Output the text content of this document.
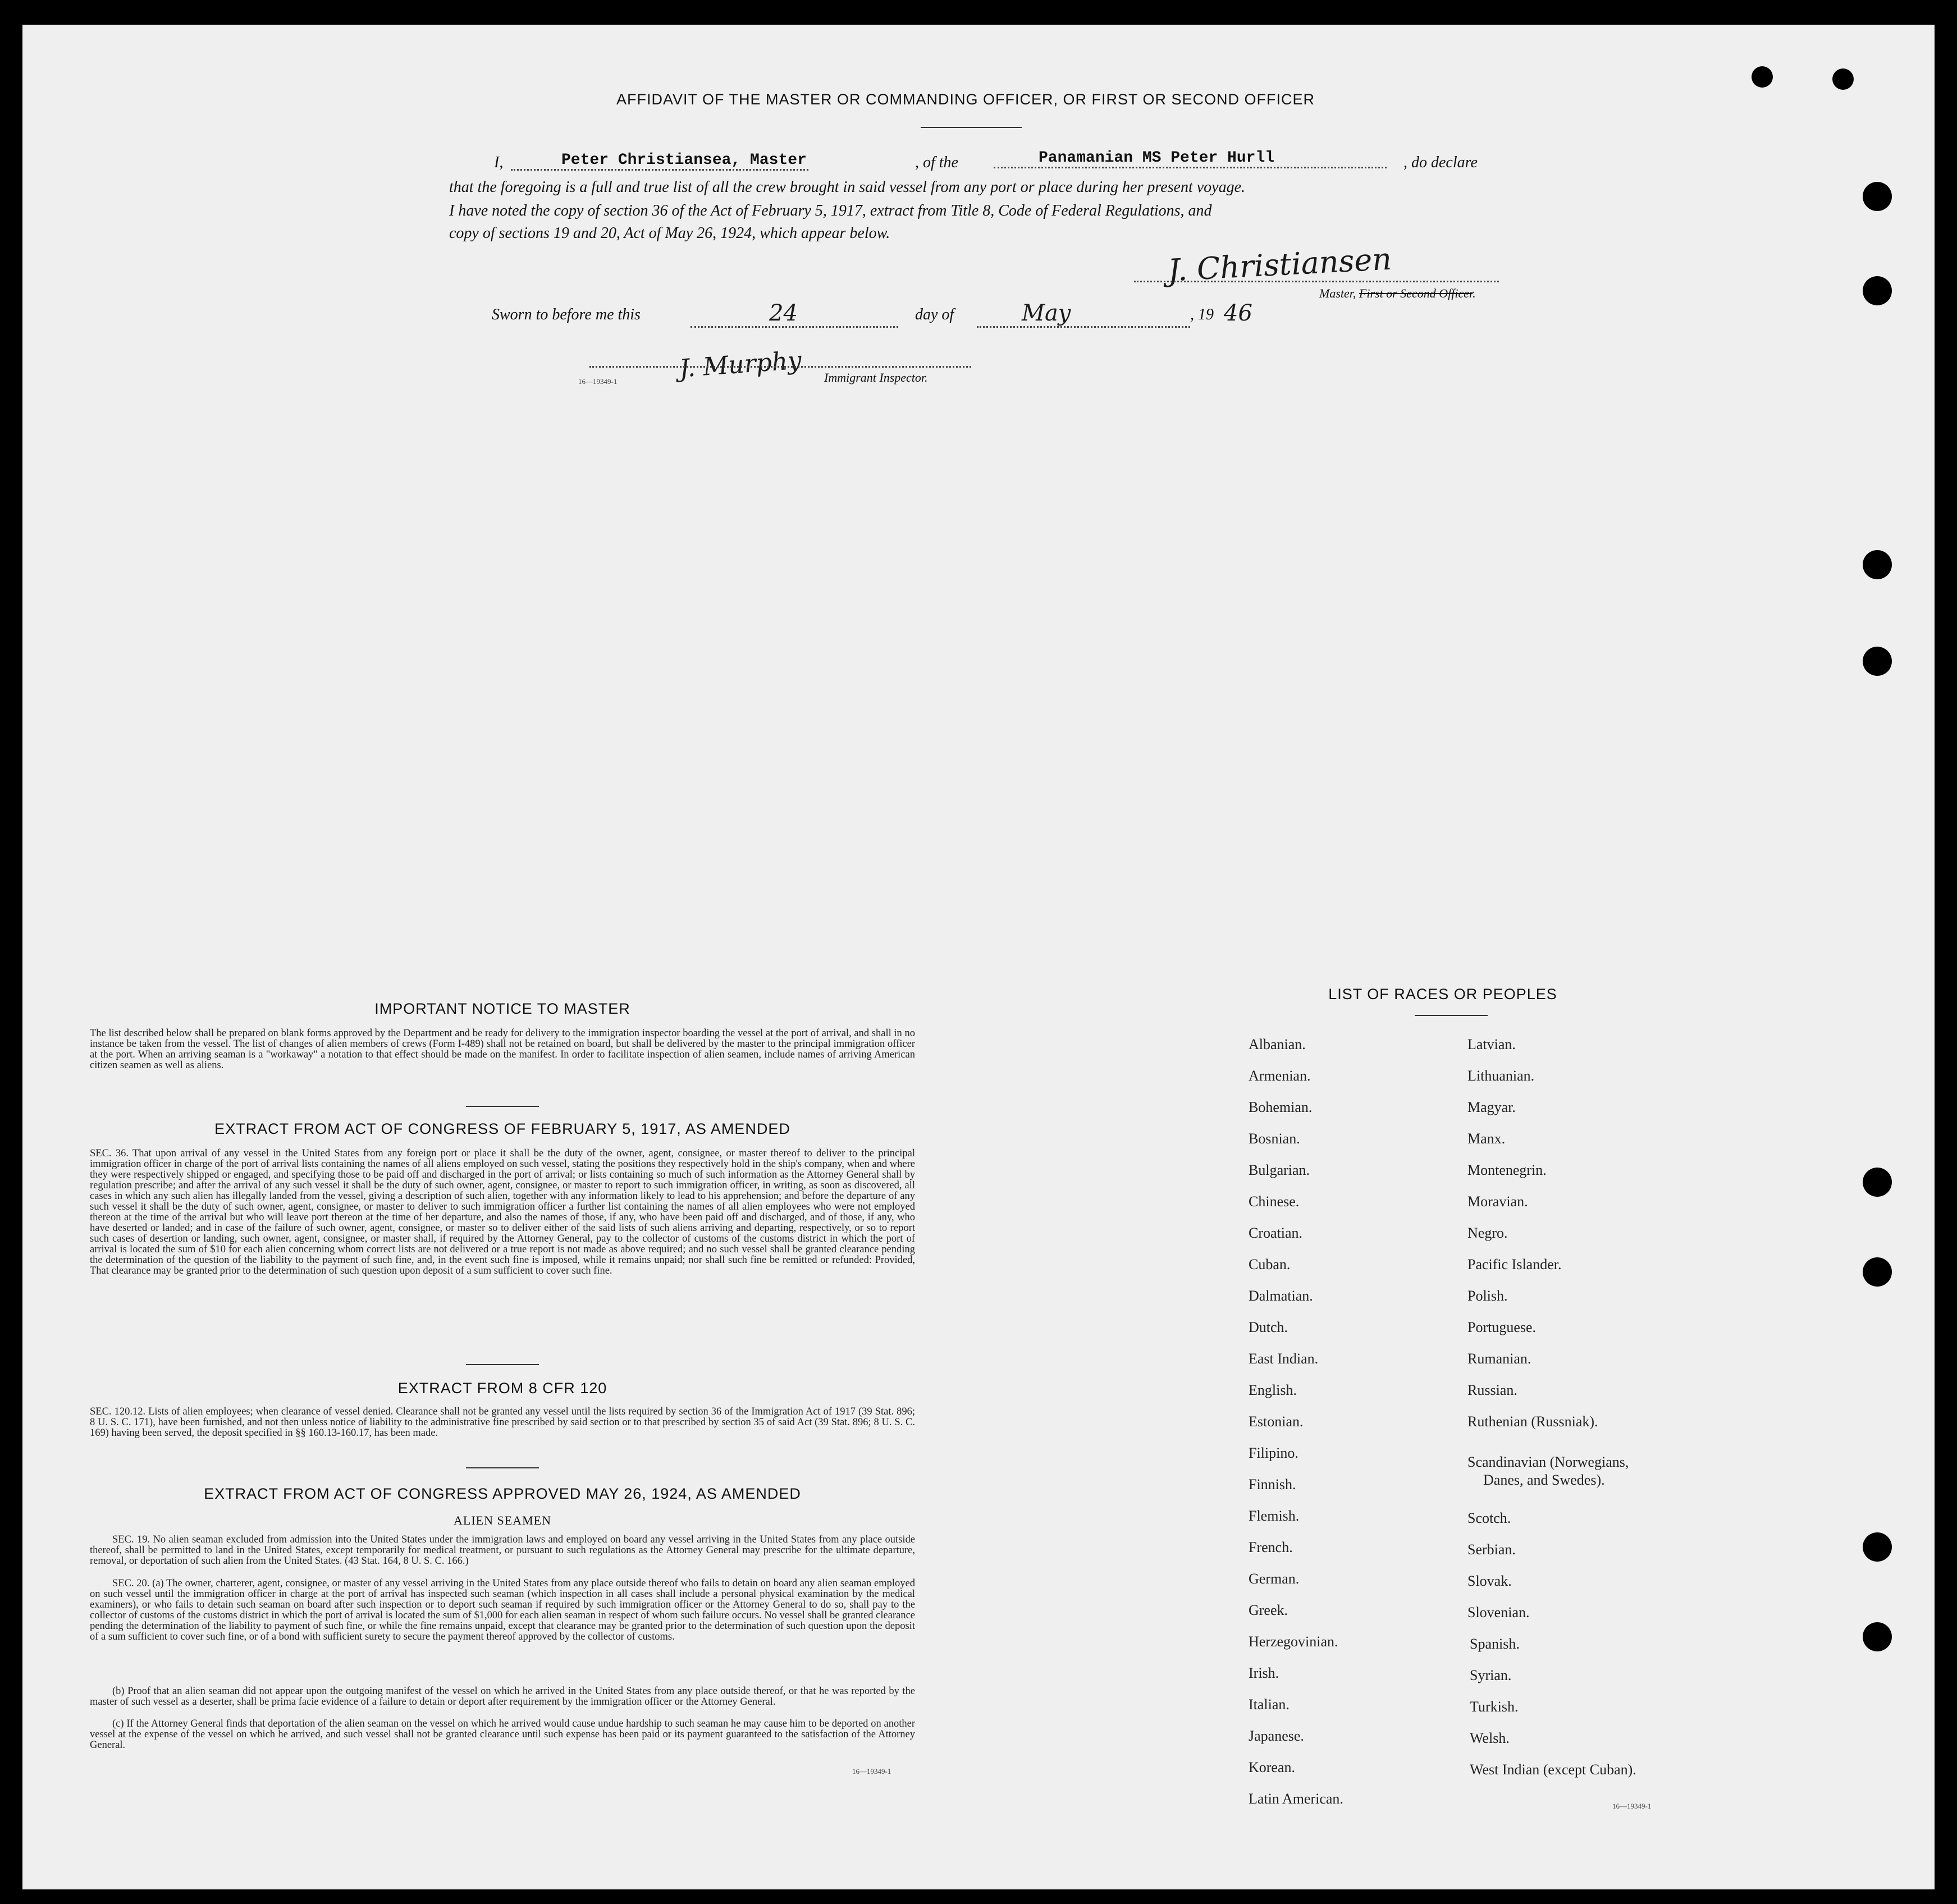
AFFIDAVIT OF THE MASTER OR COMMANDING OFFICER, OR FIRST OR SECOND OFFICER
I,	Peter Christiansea, Master	, of the	Panamanian MS Peter Hurll	, do declare
that the foregoing is a full and true list of all the crew brought in said vessel from any port or place during her present voyage.
I have noted the copy of section 36 of the Act of February 5, 1917, extract from Title 8, Code of Federal Regulations, and
copy of sections 19 and 20, Act of May 26, 1924, which appear below.
J. Christiansen
Master, First or Second Officer.
Sworn to before me this	24	day of	May	, 19 46
16—19349-1 J. Murphy Immigrant Inspector.
IMPORTANT NOTICE TO MASTER
The list described below shall be prepared on blank forms approved by the Department and be ready for delivery to the immigration inspector boarding the vessel at the port of arrival, and shall in no instance be taken from the vessel. The list of changes of alien members of crews (Form I-489) shall not be retained on board, but shall be delivered by the master to the principal immigration officer at the port. When an arriving seaman is a "workaway" a notation to that effect should be made on the manifest. In order to facilitate inspection of alien seamen, include names of arriving American citizen seamen as well as aliens.
EXTRACT FROM ACT OF CONGRESS OF FEBRUARY 5, 1917, AS AMENDED
SEC. 36. That upon arrival of any vessel in the United States from any foreign port or place it shall be the duty of the owner, agent, consignee, or master thereof to deliver to the principal immigration officer in charge of the port of arrival lists containing the names of all aliens employed on such vessel, stating the positions they respectively hold in the ship's company, when and where they were respectively shipped or engaged, and specifying those to be paid off and discharged in the port of arrival; or lists containing so much of such information as the Attorney General shall by regulation prescribe; and after the arrival of any such vessel it shall be the duty of such owner, agent, consignee, or master to report to such immigration officer, in writing, as soon as discovered, all cases in which any such alien has illegally landed from the vessel, giving a description of such alien, together with any information likely to lead to his apprehension; and before the departure of any such vessel it shall be the duty of such owner, agent, consignee, or master to deliver to such immigration officer a further list containing the names of all alien employees who were not employed thereon at the time of the arrival but who will leave port thereon at the time of her departure, and also the names of those, if any, who have been paid off and discharged, and of those, if any, who have deserted or landed; and in case of the failure of such owner, agent, consignee, or master so to deliver either of the said lists of such aliens arriving and departing, respectively, or so to report such cases of desertion or landing, such owner, agent, consignee, or master shall, if required by the Attorney General, pay to the collector of customs of the customs district in which the port of arrival is located the sum of $10 for each alien concerning whom correct lists are not delivered or a true report is not made as above required; and no such vessel shall be granted clearance pending the determination of the question of the liability to the payment of such fine, and, in the event such fine is imposed, while it remains unpaid; nor shall such fine be remitted or refunded: Provided, That clearance may be granted prior to the determination of such question upon deposit of a sum sufficient to cover such fine.
EXTRACT FROM 8 CFR 120
SEC. 120.12. Lists of alien employees; when clearance of vessel denied. Clearance shall not be granted any vessel until the lists required by section 36 of the Immigration Act of 1917 (39 Stat. 896; 8 U. S. C. 171), have been furnished, and not then unless notice of liability to the administrative fine prescribed by said section or to that prescribed by section 35 of said Act (39 Stat. 896; 8 U. S. C. 169) having been served, the deposit specified in §§ 160.13-160.17, has been made.
EXTRACT FROM ACT OF CONGRESS APPROVED MAY 26, 1924, AS AMENDED
ALIEN SEAMEN
SEC. 19. No alien seaman excluded from admission into the United States under the immigration laws and employed on board any vessel arriving in the United States from any place outside thereof, shall be permitted to land in the United States, except temporarily for medical treatment, or pursuant to such regulations as the Attorney General may prescribe for the ultimate departure, removal, or deportation of such alien from the United States. (43 Stat. 164, 8 U. S. C. 166.)
SEC. 20. (a) The owner, charterer, agent, consignee, or master of any vessel arriving in the United States from any place outside thereof who fails to detain on board any alien seaman employed on such vessel until the immigration officer in charge at the port of arrival has inspected such seaman (which inspection in all cases shall include a personal physical examination by the medical examiners), or who fails to detain such seaman on board after such inspection or to deport such seaman if required by such immigration officer or the Attorney General to do so, shall pay to the collector of customs of the customs district in which the port of arrival is located the sum of $1,000 for each alien seaman in respect of whom such failure occurs. No vessel shall be granted clearance pending the determination of the liability to payment of such fine, or while the fine remains unpaid, except that clearance may be granted prior to the determination of such question upon the deposit of a sum sufficient to cover such fine, or of a bond with sufficient surety to secure the payment thereof approved by the collector of customs.
(b) Proof that an alien seaman did not appear upon the outgoing manifest of the vessel on which he arrived in the United States from any place outside thereof, or that he was reported by the master of such vessel as a deserter, shall be prima facie evidence of a failure to detain or deport after requirement by the immigration officer or the Attorney General.
(c) If the Attorney General finds that deportation of the alien seaman on the vessel on which he arrived would cause undue hardship to such seaman he may cause him to be deported on another vessel at the expense of the vessel on which he arrived, and such vessel shall not be granted clearance until such expense has been paid or its payment guaranteed to the satisfaction of the Attorney General.
16—19349-1
LIST OF RACES OR PEOPLES
Albanian.
Armenian.
Bohemian.
Bosnian.
Bulgarian.
Chinese.
Croatian.
Cuban.
Dalmatian.
Dutch.
East Indian.
English.
Estonian.
Filipino.
Finnish.
Flemish.
French.
German.
Greek.
Herzegovinian.
Irish.
Italian.
Japanese.
Korean.
Latin American.
Latvian.
Lithuanian.
Magyar.
Manx.
Montenegrin.
Moravian.
Negro.
Pacific Islander.
Polish.
Portuguese.
Rumanian.
Russian.
Ruthenian (Russniak).
Scandinavian (Norwegians,
Danes, and Swedes).
Scotch.
Serbian.
Slovak.
Slovenian.
Spanish.
Syrian.
Turkish.
Welsh.
West Indian (except Cuban).
16—19349-1
